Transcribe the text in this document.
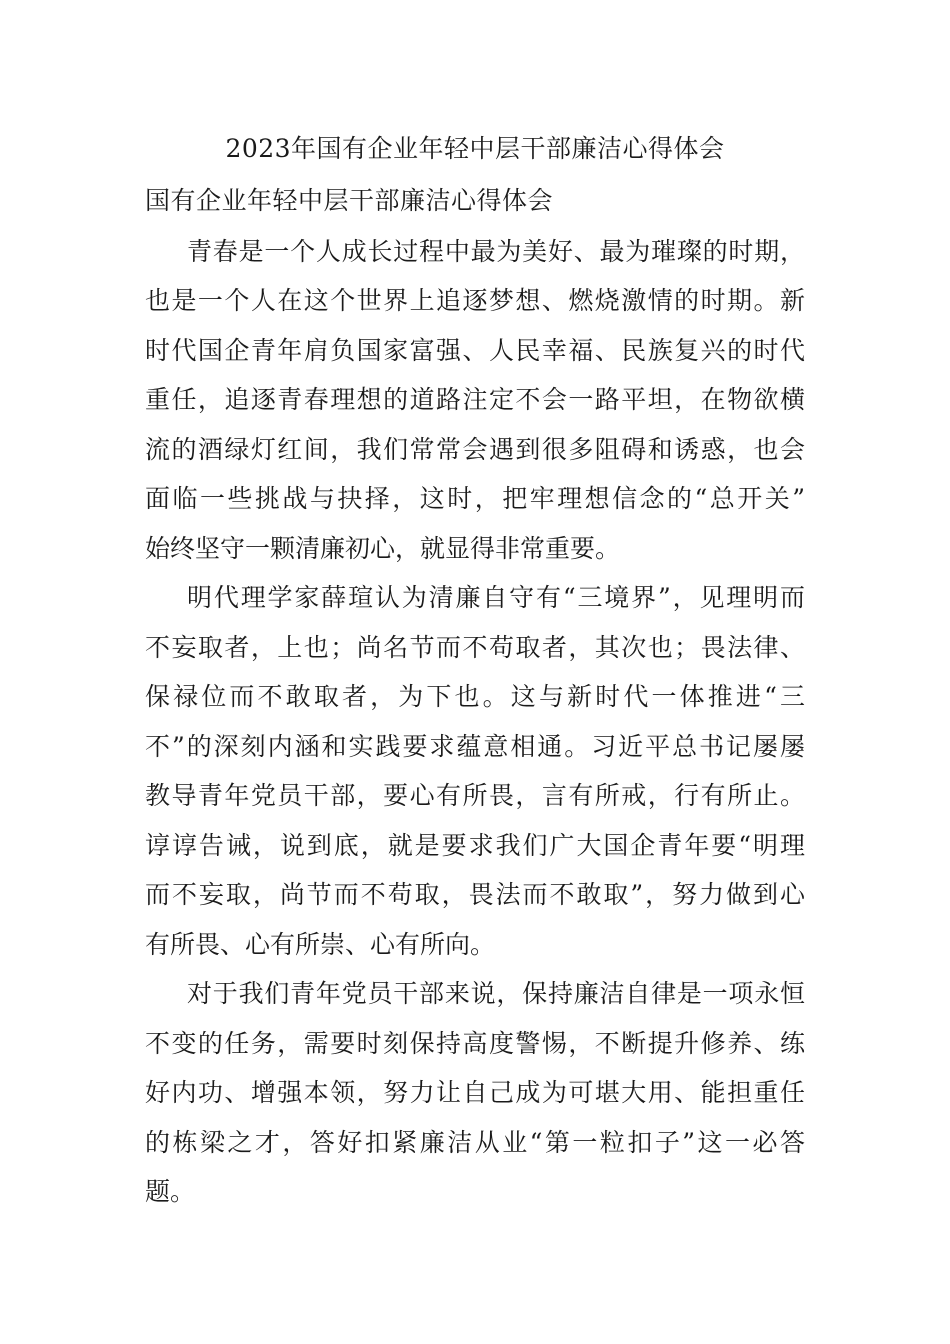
2023年国有企业年轻中层干部廉洁心得体会
国有企业年轻中层干部廉洁心得体会
青春是一个人成长过程中最为美好、最为璀璨的时期，
也是一个人在这个世界上追逐梦想、燃烧激情的时期。新
时代国企青年肩负国家富强、人民幸福、民族复兴的时代
重任，追逐青春理想的道路注定不会一路平坦，在物欲横
流的酒绿灯红间，我们常常会遇到很多阻碍和诱惑，也会
面临一些挑战与抉择，这时，把牢理想信念的“总开关”
始终坚守一颗清廉初心，就显得非常重要。
明代理学家薛瑄认为清廉自守有“三境界”，见理明而
不妄取者，上也；尚名节而不苟取者，其次也；畏法律、
保禄位而不敢取者，为下也。这与新时代一体推进“三
不”的深刻内涵和实践要求蕴意相通。习近平总书记屡屡
教导青年党员干部，要心有所畏，言有所戒，行有所止。
谆谆告诫，说到底，就是要求我们广大国企青年要“明理
而不妄取，尚节而不苟取，畏法而不敢取”，努力做到心
有所畏、心有所崇、心有所向。
对于我们青年党员干部来说，保持廉洁自律是一项永恒
不变的任务，需要时刻保持高度警惕，不断提升修养、练
好内功、增强本领，努力让自己成为可堪大用、能担重任
的栋梁之才，答好扣紧廉洁从业“第一粒扣子”这一必答
题。
